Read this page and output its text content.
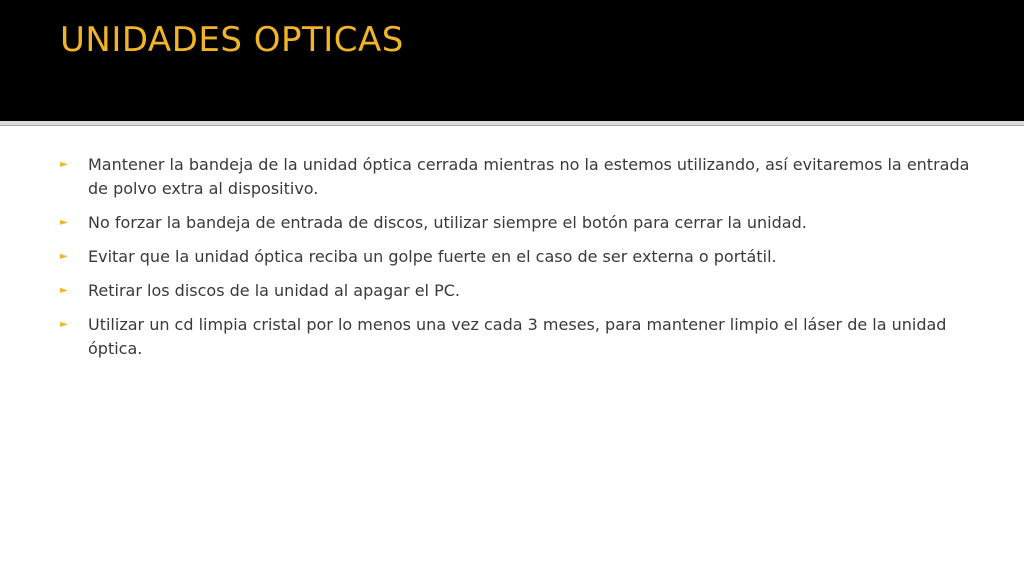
UNIDADES OPTICAS
► Mantener la bandeja de la unidad óptica cerrada mientras no la estemos utilizando, así evitaremos la entrada de polvo extra al dispositivo.
► No forzar la bandeja de entrada de discos, utilizar siempre el botón para cerrar la unidad.
► Evitar que la unidad óptica reciba un golpe fuerte en el caso de ser externa o portátil.
► Retirar los discos de la unidad al apagar el PC.
► Utilizar un cd limpia cristal por lo menos una vez cada 3 meses, para mantener limpio el láser de la unidad óptica.
